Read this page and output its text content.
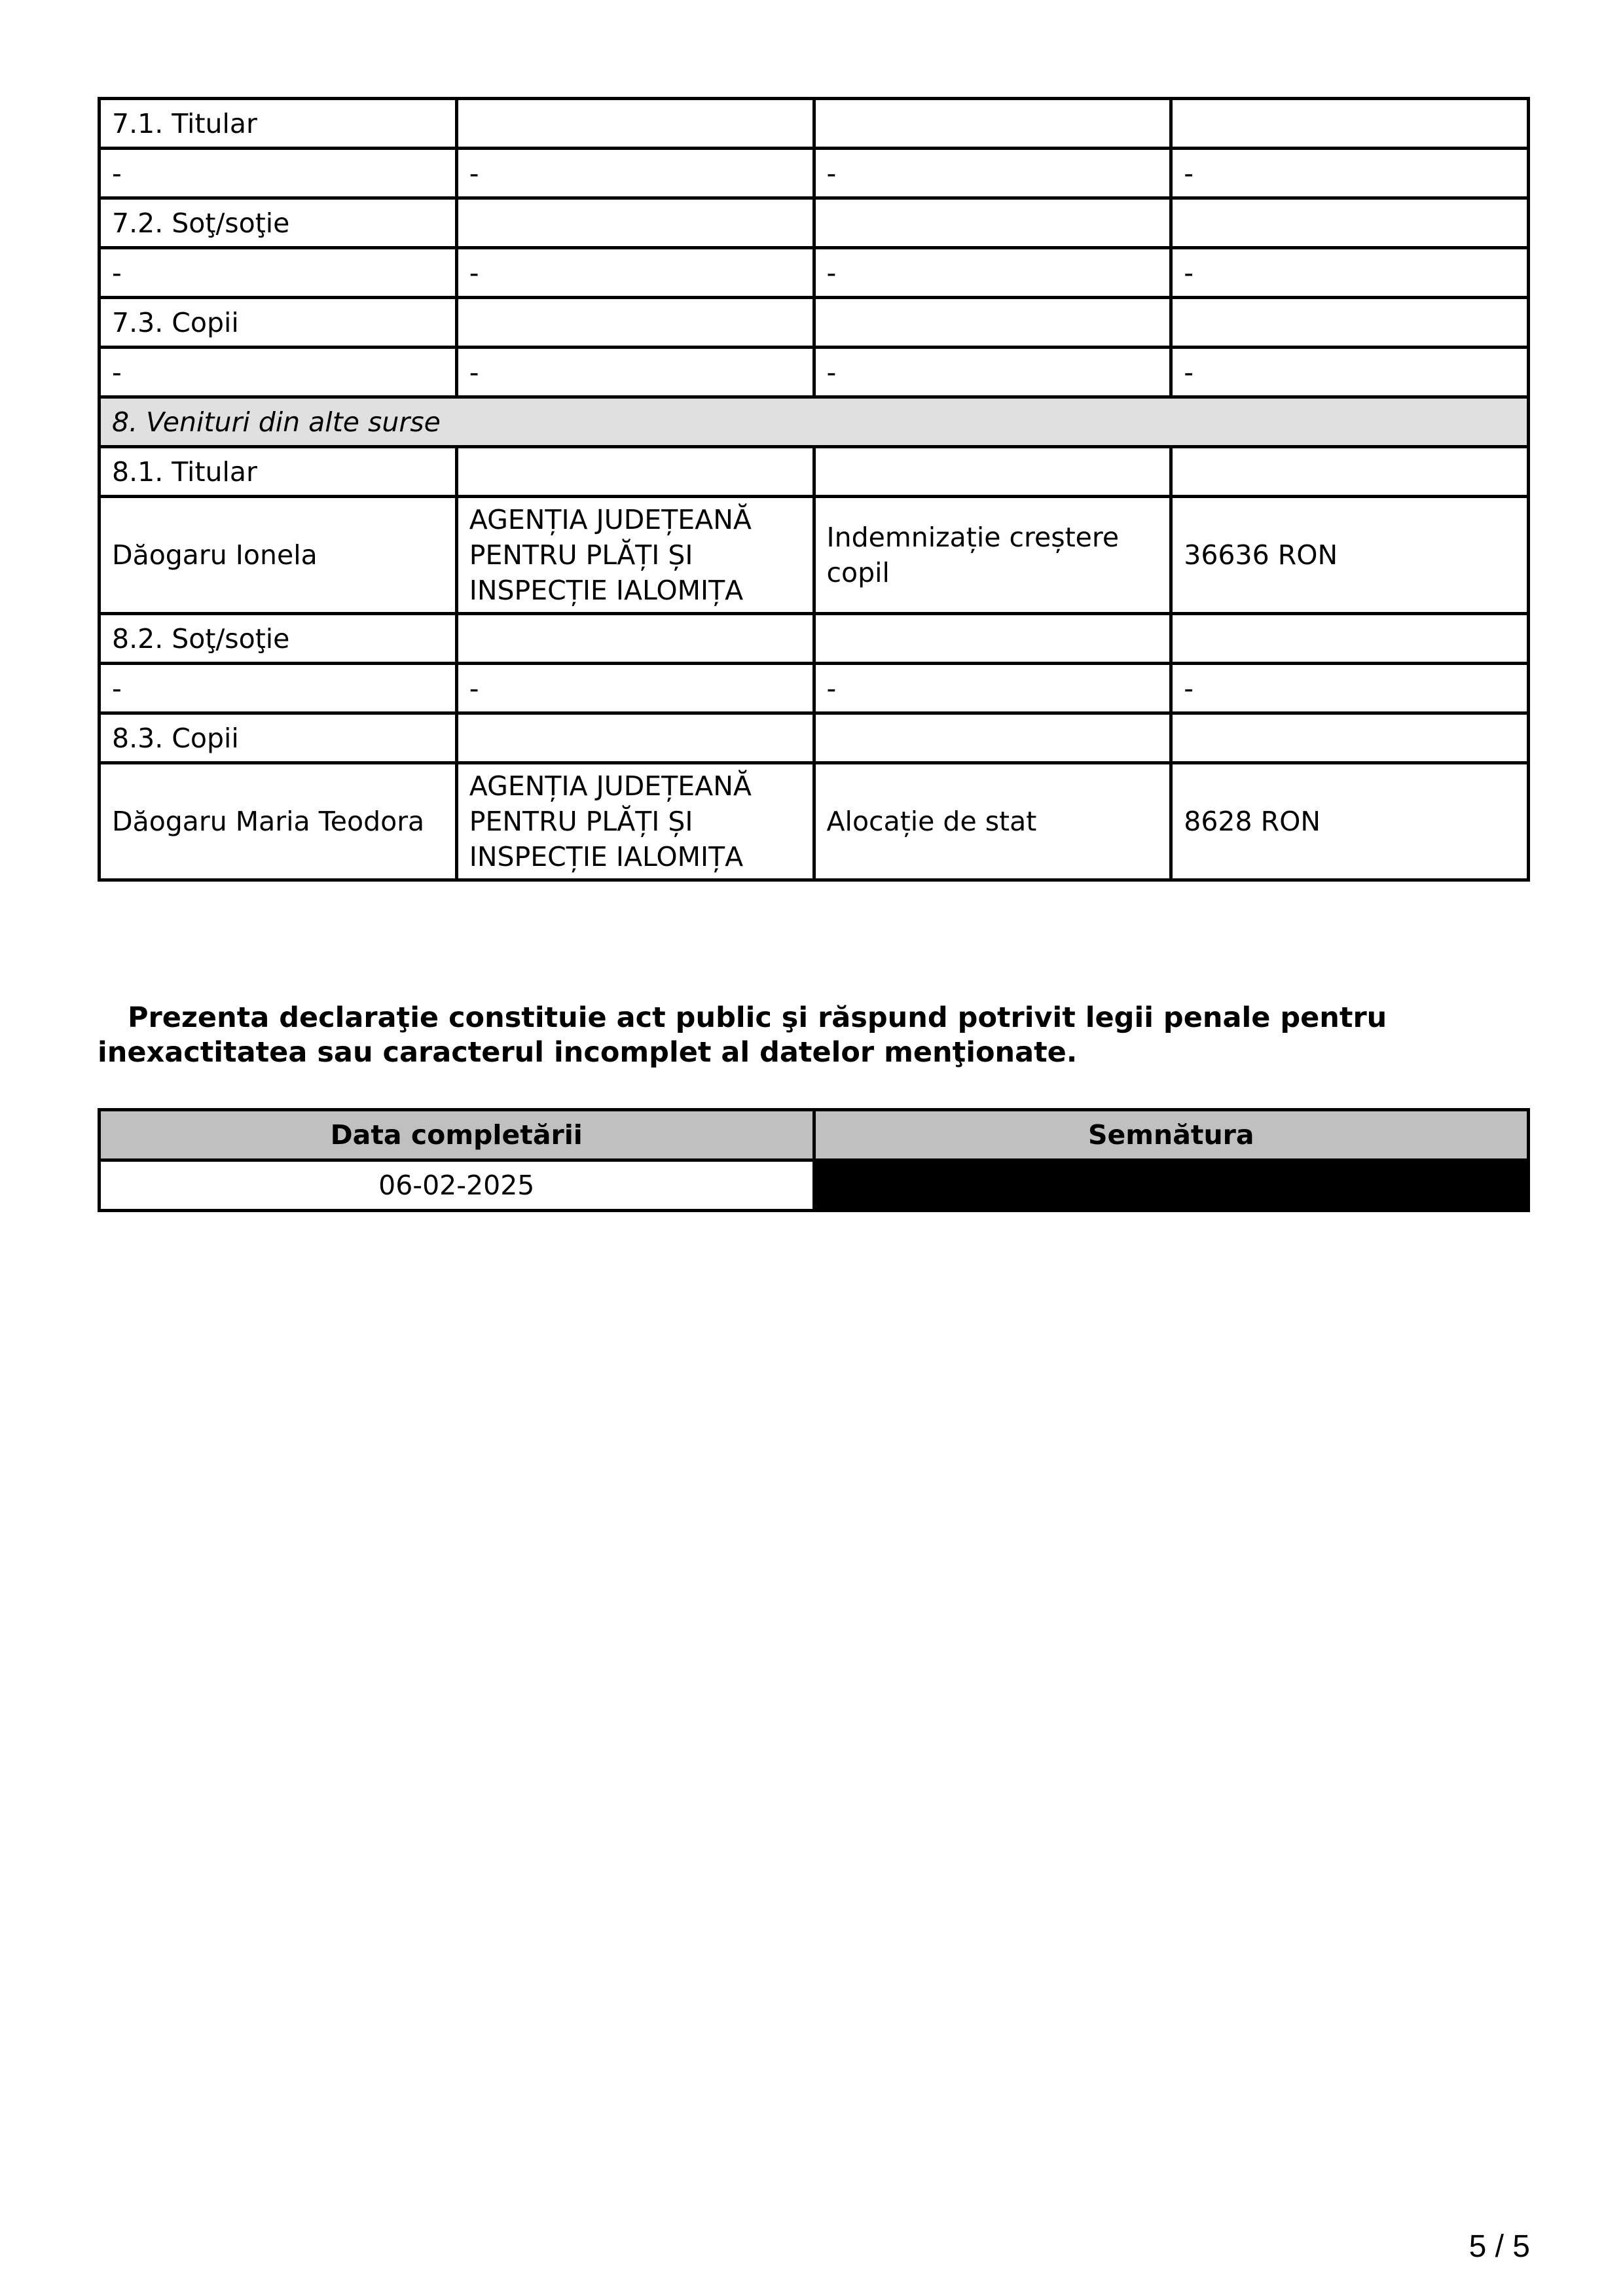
7.1. Titular			
-	-	-	-
7.2. Soţ/soţie			
-	-	-	-
7.3. Copii			
-	-	-	-
8. Venituri din alte surse			
8.1. Titular			
Dăogaru Ionela	AGENȚIA JUDEȚEANĂ PENTRU PLĂȚI ȘI INSPECȚIE IALOMIȚA	Indemnizație creștere copil	36636 RON
8.2. Soţ/soţie			
-	-	-	-
8.3. Copii			
Dăogaru Maria Teodora	AGENȚIA JUDEȚEANĂ PENTRU PLĂȚI ȘI INSPECȚIE IALOMIȚA	Alocație de stat	8628 RON

Prezenta declaraţie constituie act public şi răspund potrivit legii penale pentru inexactitatea sau caracterul incomplet al datelor menţionate.

Data completării	Semnătura
06-02-2025	
5 / 5
